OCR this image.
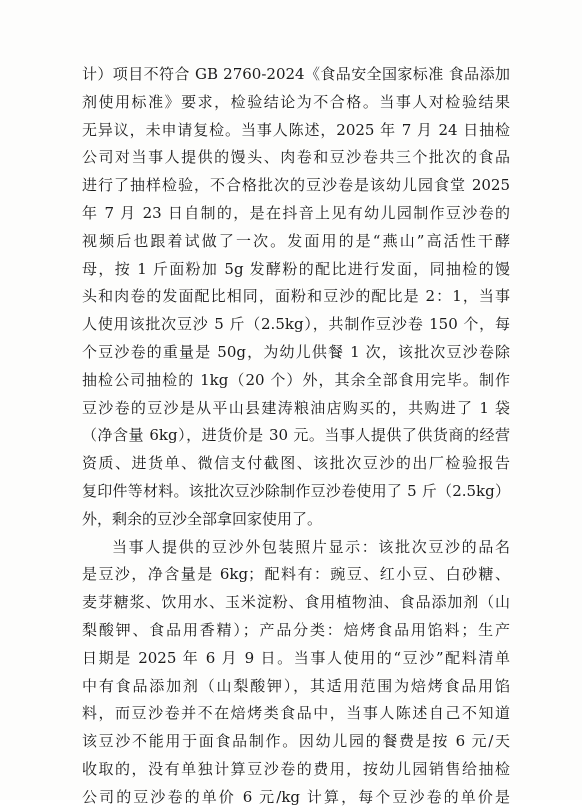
计）项目不符合 GB 2760-2024《食品安全国家标准 食品添加
剂使用标准》要求，检验结论为不合格。当事人对检验结果
无异议，未申请复检。当事人陈述，2025 年 7 月 24 日抽检
公司对当事人提供的馒头、肉卷和豆沙卷共三个批次的食品
进行了抽样检验，不合格批次的豆沙卷是该幼儿园食堂 2025
年 7 月 23 日自制的，是在抖音上见有幼儿园制作豆沙卷的
视频后也跟着试做了一次。发面用的是“燕山”高活性干酵
母，按 1 斤面粉加 5g 发酵粉的配比进行发面，同抽检的馒
头和肉卷的发面配比相同，面粉和豆沙的配比是 2：1，当事
人使用该批次豆沙 5 斤（2.5kg），共制作豆沙卷 150 个，每
个豆沙卷的重量是 50g，为幼儿供餐 1 次，该批次豆沙卷除
抽检公司抽检的 1kg（20 个）外，其余全部食用完毕。制作
豆沙卷的豆沙是从平山县建涛粮油店购买的，共购进了 1 袋
（净含量 6kg），进货价是 30 元。当事人提供了供货商的经营
资质、进货单、微信支付截图、该批次豆沙的出厂检验报告
复印件等材料。该批次豆沙除制作豆沙卷使用了 5 斤（2.5kg）
外，剩余的豆沙全部拿回家使用了。
当事人提供的豆沙外包装照片显示：该批次豆沙的品名
是豆沙，净含量是 6kg；配料有：豌豆、红小豆、白砂糖、
麦芽糖浆、饮用水、玉米淀粉、食用植物油、食品添加剂（山
梨酸钾、食品用香精）；产品分类：焙烤食品用馅料；生产
日期是 2025 年 6 月 9 日。当事人使用的“豆沙”配料清单
中有食品添加剂（山梨酸钾），其适用范围为焙烤食品用馅
料，而豆沙卷并不在焙烤类食品中，当事人陈述自己不知道
该豆沙不能用于面食品制作。因幼儿园的餐费是按 6 元/天
收取的，没有单独计算豆沙卷的费用，按幼儿园销售给抽检
公司的豆沙卷的单价 6 元/kg 计算，每个豆沙卷的单价是
